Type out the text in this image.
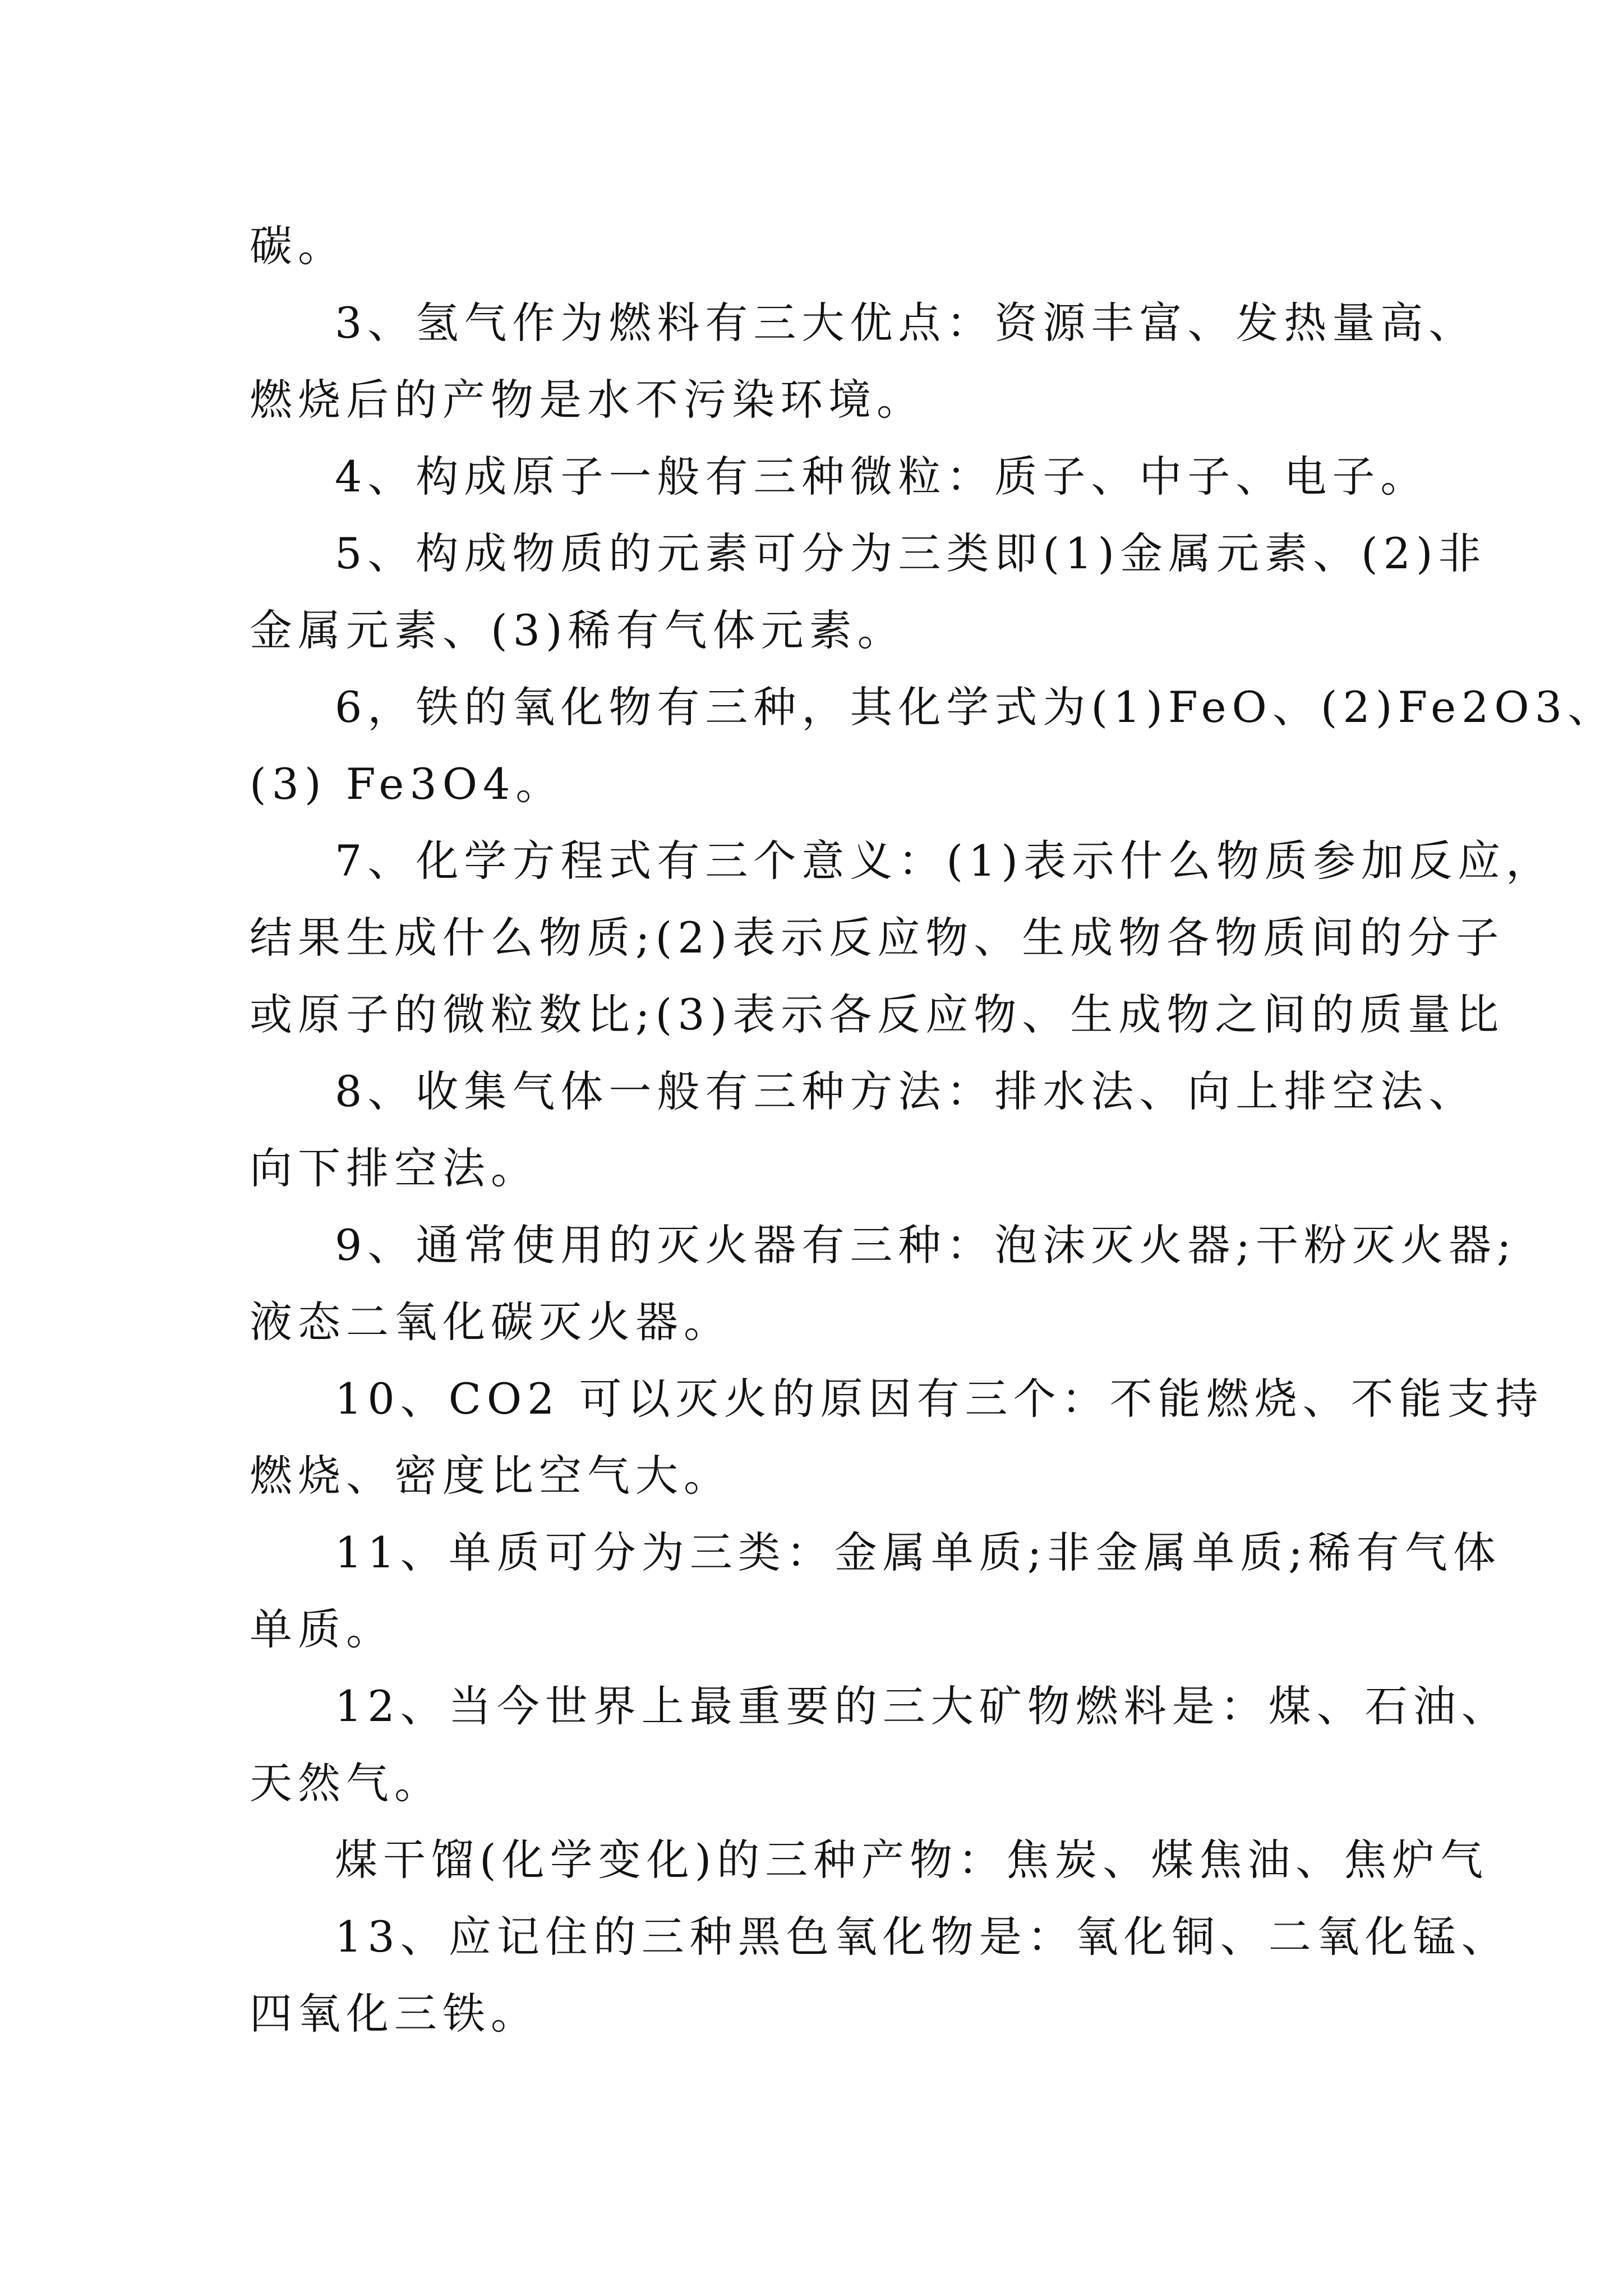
碳。
3、氢气作为燃料有三大优点：资源丰富、发热量高、
燃烧后的产物是水不污染环境。
4、构成原子一般有三种微粒：质子、中子、电子。
5、构成物质的元素可分为三类即(1)金属元素、(2)非
金属元素、(3)稀有气体元素。
6，铁的氧化物有三种，其化学式为(1)FeO、(2)Fe2O3、
(3) Fe3O4。
7、化学方程式有三个意义：(1)表示什么物质参加反应，
结果生成什么物质;(2)表示反应物、生成物各物质间的分子
或原子的微粒数比;(3)表示各反应物、生成物之间的质量比
8、收集气体一般有三种方法：排水法、向上排空法、
向下排空法。
9、通常使用的灭火器有三种：泡沫灭火器;干粉灭火器;
液态二氧化碳灭火器。
10、CO2 可以灭火的原因有三个：不能燃烧、不能支持
燃烧、密度比空气大。
11、单质可分为三类：金属单质;非金属单质;稀有气体
单质。
12、当今世界上最重要的三大矿物燃料是：煤、石油、
天然气。
煤干馏(化学变化)的三种产物：焦炭、煤焦油、焦炉气
13、应记住的三种黑色氧化物是：氧化铜、二氧化锰、
四氧化三铁。
